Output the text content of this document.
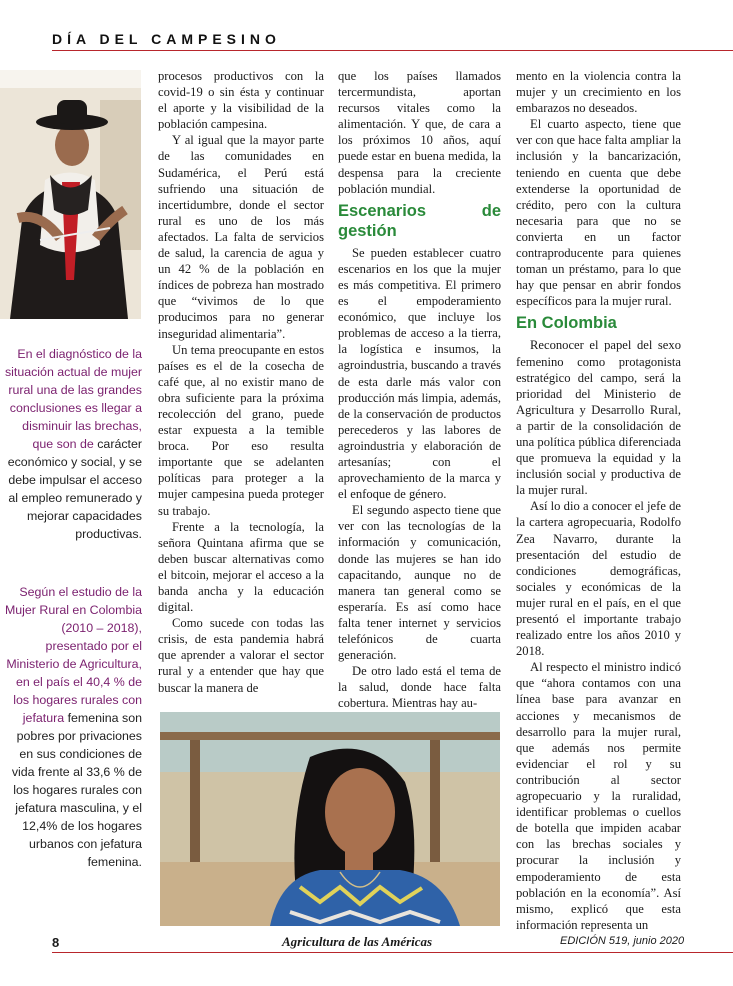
DÍA DEL CAMPESINO
En el diagnóstico de la situación actual de mujer rural una de las grandes conclusiones es llegar a disminuir las brechas, que son de carácter económico y social, y se debe impulsar el acceso al empleo remunerado y mejorar capacidades productivas.
Según el estudio de la Mujer Rural en Colombia (2010 – 2018), presentado por el Ministerio de Agricultura, en el país el 40,4 % de los hogares rurales con jefatura femenina son pobres por privaciones en sus condiciones de vida frente al 33,6 % de los hogares rurales con jefatura masculina, y el 12,4% de los hogares urbanos con jefatura femenina.

procesos productivos con la covid-19 o sin ésta y continuar el aporte y la visibilidad de la población campesina.

Y al igual que la mayor parte de las comunidades en Sudamérica, el Perú está sufriendo una situación de incertidumbre, donde el sector rural es uno de los más afectados. La falta de servicios de salud, la carencia de agua y un 42 % de la población en índices de pobreza han mostrado que “vivimos de lo que producimos para no generar inseguridad alimentaria”.

Un tema preocupante en estos países es el de la cosecha de café que, al no existir mano de obra suficiente para la próxima recolección del grano, puede estar expuesta a la temible broca. Por eso resulta importante que se adelanten políticas para proteger a la mujer campesina pueda proteger su trabajo.

Frente a la tecnología, la señora Quintana afirma que se deben buscar alternativas como el bitcoin, mejorar el acceso a la banda ancha y la educación digital.

Como sucede con todas las crisis, de esta pandemia habrá que aprender a valorar el sector rural y a entender que hay que buscar la manera de

que los países llamados tercermundista, aportan recursos vitales como la alimentación. Y que, de cara a los próximos 10 años, aquí puede estar en buena medida, la despensa para la creciente población mundial.

Escenarios de gestión

Se pueden establecer cuatro escenarios en los que la mujer es más competitiva. El primero es el empoderamiento económico, que incluye los problemas de acceso a la tierra, la logística e insumos, la agroindustria, buscando a través de esta darle más valor con producción más limpia, además, de la conservación de productos perecederos y las labores de agroindustria y elaboración de artesanías; con el aprovechamiento de la marca y el enfoque de género.

El segundo aspecto tiene que ver con las tecnologías de la información y comunicación, donde las mujeres se han ido capacitando, aunque no de manera tan general como se esperaría. Es así como hace falta tener internet y servicios telefónicos de cuarta generación.

De otro lado está el tema de la salud, donde hace falta cobertura. Mientras hay au-

mento en la violencia contra la mujer y un crecimiento en los embarazos no deseados.

El cuarto aspecto, tiene que ver con que hace falta ampliar la inclusión y la bancarización, teniendo en cuenta que debe extenderse la oportunidad de crédito, pero con la cultura necesaria para que no se convierta en un factor contraproducente para quienes toman un préstamo, para lo que hay que pensar en abrir fondos específicos para la mujer rural.

En Colombia

Reconocer el papel del sexo femenino como protagonista estratégico del campo, será la prioridad del Ministerio de Agricultura y Desarrollo Rural, a partir de la consolidación de una política pública diferenciada que promueva la equidad y la inclusión social y productiva de la mujer rural.

Así lo dio a conocer el jefe de la cartera agropecuaria, Rodolfo Zea Navarro, durante la presentación del estudio de condiciones demográficas, sociales y económicas de la mujer rural en el país, en el que presentó el importante trabajo realizado entre los años 2010 y 2018.

Al respecto el ministro indicó que “ahora contamos con una línea base para avanzar en acciones y mecanismos de desarrollo para la mujer rural, que además nos permite evidenciar el rol y su contribución al sector agropecuario y la ruralidad, identificar problemas o cuellos de botella que impiden acabar con las brechas sociales y procurar la inclusión y empoderamiento de esta población en la economía”. Así mismo, explicó que esta información representa un

8	Agricultura de las Américas	EDICIÓN 519, junio 2020
